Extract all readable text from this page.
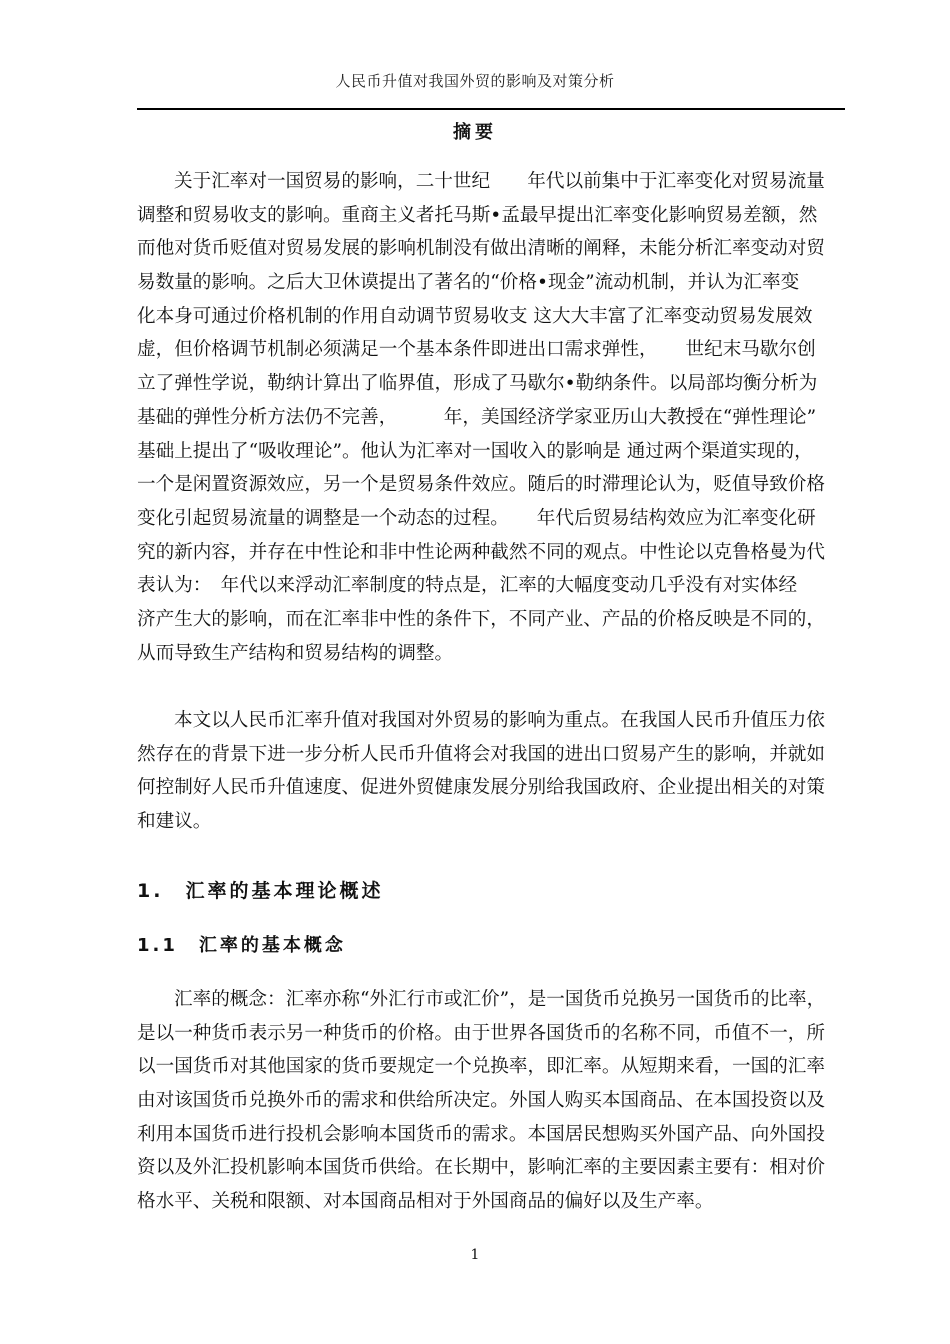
人民币升值对我国外贸的影响及对策分析
摘要
关于汇率对一国贸易的影响，二十世纪　　年代以前集中于汇率变化对贸易流量
调整和贸易收支的影响。重商主义者托马斯•孟最早提出汇率变化影响贸易差额，然
而他对货币贬值对贸易发展的影响机制没有做出清晰的阐释，未能分析汇率变动对贸
易数量的影响。之后大卫休谟提出了著名的“价格•现金”流动机制，并认为汇率变
化本身可通过价格机制的作用自动调节贸易收支 这大大丰富了汇率变动贸易发展效
虚，但价格调节机制必须满足一个基本条件即进出口需求弹性，　　世纪末马歇尔创
立了弹性学说，勒纳计算出了临界值，形成了马歇尔•勒纳条件。以局部均衡分析为
基础的弹性分析方法仍不完善，　　　年，美国经济学家亚历山大教授在“弹性理论”
基础上提出了“吸收理论”。他认为汇率对一国收入的影响是 通过两个渠道实现的，
一个是闲置资源效应，另一个是贸易条件效应。随后的时滞理论认为，贬值导致价格
变化引起贸易流量的调整是一个动态的过程。　　年代后贸易结构效应为汇率变化研
究的新内容，并存在中性论和非中性论两种截然不同的观点。中性论以克鲁格曼为代
表认为：　年代以来浮动汇率制度的特点是，汇率的大幅度变动几乎没有对实体经
济产生大的影响，而在汇率非中性的条件下，不同产业、产品的价格反映是不同的，
从而导致生产结构和贸易结构的调整。
本文以人民币汇率升值对我国对外贸易的影响为重点。在我国人民币升值压力依
然存在的背景下进一步分析人民币升值将会对我国的进出口贸易产生的影响，并就如
何控制好人民币升值速度、促进外贸健康发展分别给我国政府、企业提出相关的对策
和建议。
1.　汇率的基本理论概述
1.1　汇率的基本概念
汇率的概念：汇率亦称“外汇行市或汇价”，是一国货币兑换另一国货币的比率，
是以一种货币表示另一种货币的价格。由于世界各国货币的名称不同，币值不一，所
以一国货币对其他国家的货币要规定一个兑换率，即汇率。从短期来看，一国的汇率
由对该国货币兑换外币的需求和供给所决定。外国人购买本国商品、在本国投资以及
利用本国货币进行投机会影响本国货币的需求。本国居民想购买外国产品、向外国投
资以及外汇投机影响本国货币供给。在长期中，影响汇率的主要因素主要有：相对价
格水平、关税和限额、对本国商品相对于外国商品的偏好以及生产率。
1
